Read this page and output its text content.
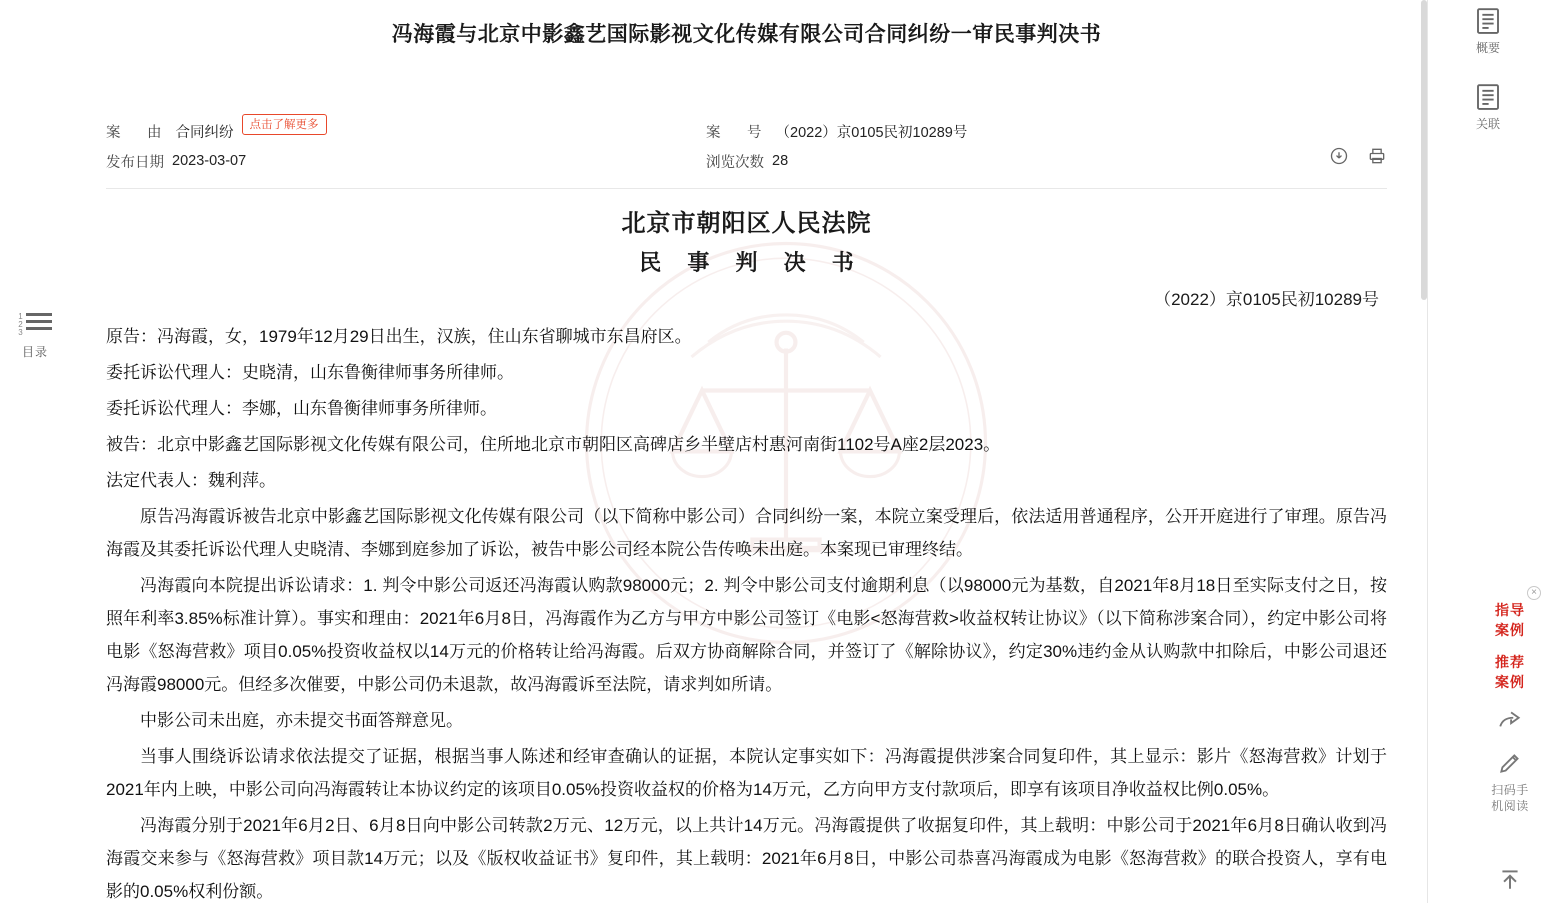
1
2
3
目录
冯海霞与北京中影鑫艺国际影视文化传媒有限公司合同纠纷一审民事判决书
案　由 合同纠纷	点击了解更多	案　号 （2022）京0105民初10289号
发布日期 2023-03-07	浏览次数 28
北京市朝阳区人民法院
民 事 判 决 书
（2022）京0105民初10289号

原告：冯海霞，女，1979年12月29日出生，汉族，住山东省聊城市东昌府区。

委托诉讼代理人：史晓清，山东鲁衡律师事务所律师。

委托诉讼代理人：李娜，山东鲁衡律师事务所律师。

被告：北京中影鑫艺国际影视文化传媒有限公司，住所地北京市朝阳区高碑店乡半壁店村惠河南街1102号A座2层2023。

法定代表人：魏利萍。

原告冯海霞诉被告北京中影鑫艺国际影视文化传媒有限公司（以下简称中影公司）合同纠纷一案，本院立案受理后，依法适用普通程序，公开开庭进行了审理。原告冯海霞及其委托诉讼代理人史晓清、李娜到庭参加了诉讼，被告中影公司经本院公告传唤未出庭。本案现已审理终结。

冯海霞向本院提出诉讼请求：1. 判令中影公司返还冯海霞认购款98000元；2. 判令中影公司支付逾期利息（以98000元为基数，自2021年8月18日至实际支付之日，按照年利率3.85%标准计算）。事实和理由：2021年6月8日，冯海霞作为乙方与甲方中影公司签订《电影<怒海营救>收益权转让协议》（以下简称涉案合同），约定中影公司将电影《怒海营救》项目0.05%投资收益权以14万元的价格转让给冯海霞。后双方协商解除合同，并签订了《解除协议》，约定30%违约金从认购款中扣除后，中影公司退还冯海霞98000元。但经多次催要，中影公司仍未退款，故冯海霞诉至法院，请求判如所请。

中影公司未出庭，亦未提交书面答辩意见。

当事人围绕诉讼请求依法提交了证据，根据当事人陈述和经审查确认的证据，本院认定事实如下：冯海霞提供涉案合同复印件，其上显示：影片《怒海营救》计划于2021年内上映，中影公司向冯海霞转让本协议约定的该项目0.05%投资收益权的价格为14万元，乙方向甲方支付款项后，即享有该项目净收益权比例0.05%。

冯海霞分别于2021年6月2日、6月8日向中影公司转款2万元、12万元，以上共计14万元。冯海霞提供了收据复印件，其上载明：中影公司于2021年6月8日确认收到冯海霞交来参与《怒海营救》项目款14万元；以及《版权收益证书》复印件，其上载明：2021年6月8日，中影公司恭喜冯海霞成为电影《怒海营救》的联合投资人，享有电影的0.05%权利份额。

概要
关联
×
指导
案例
推荐
案例
扫码手
机阅读
